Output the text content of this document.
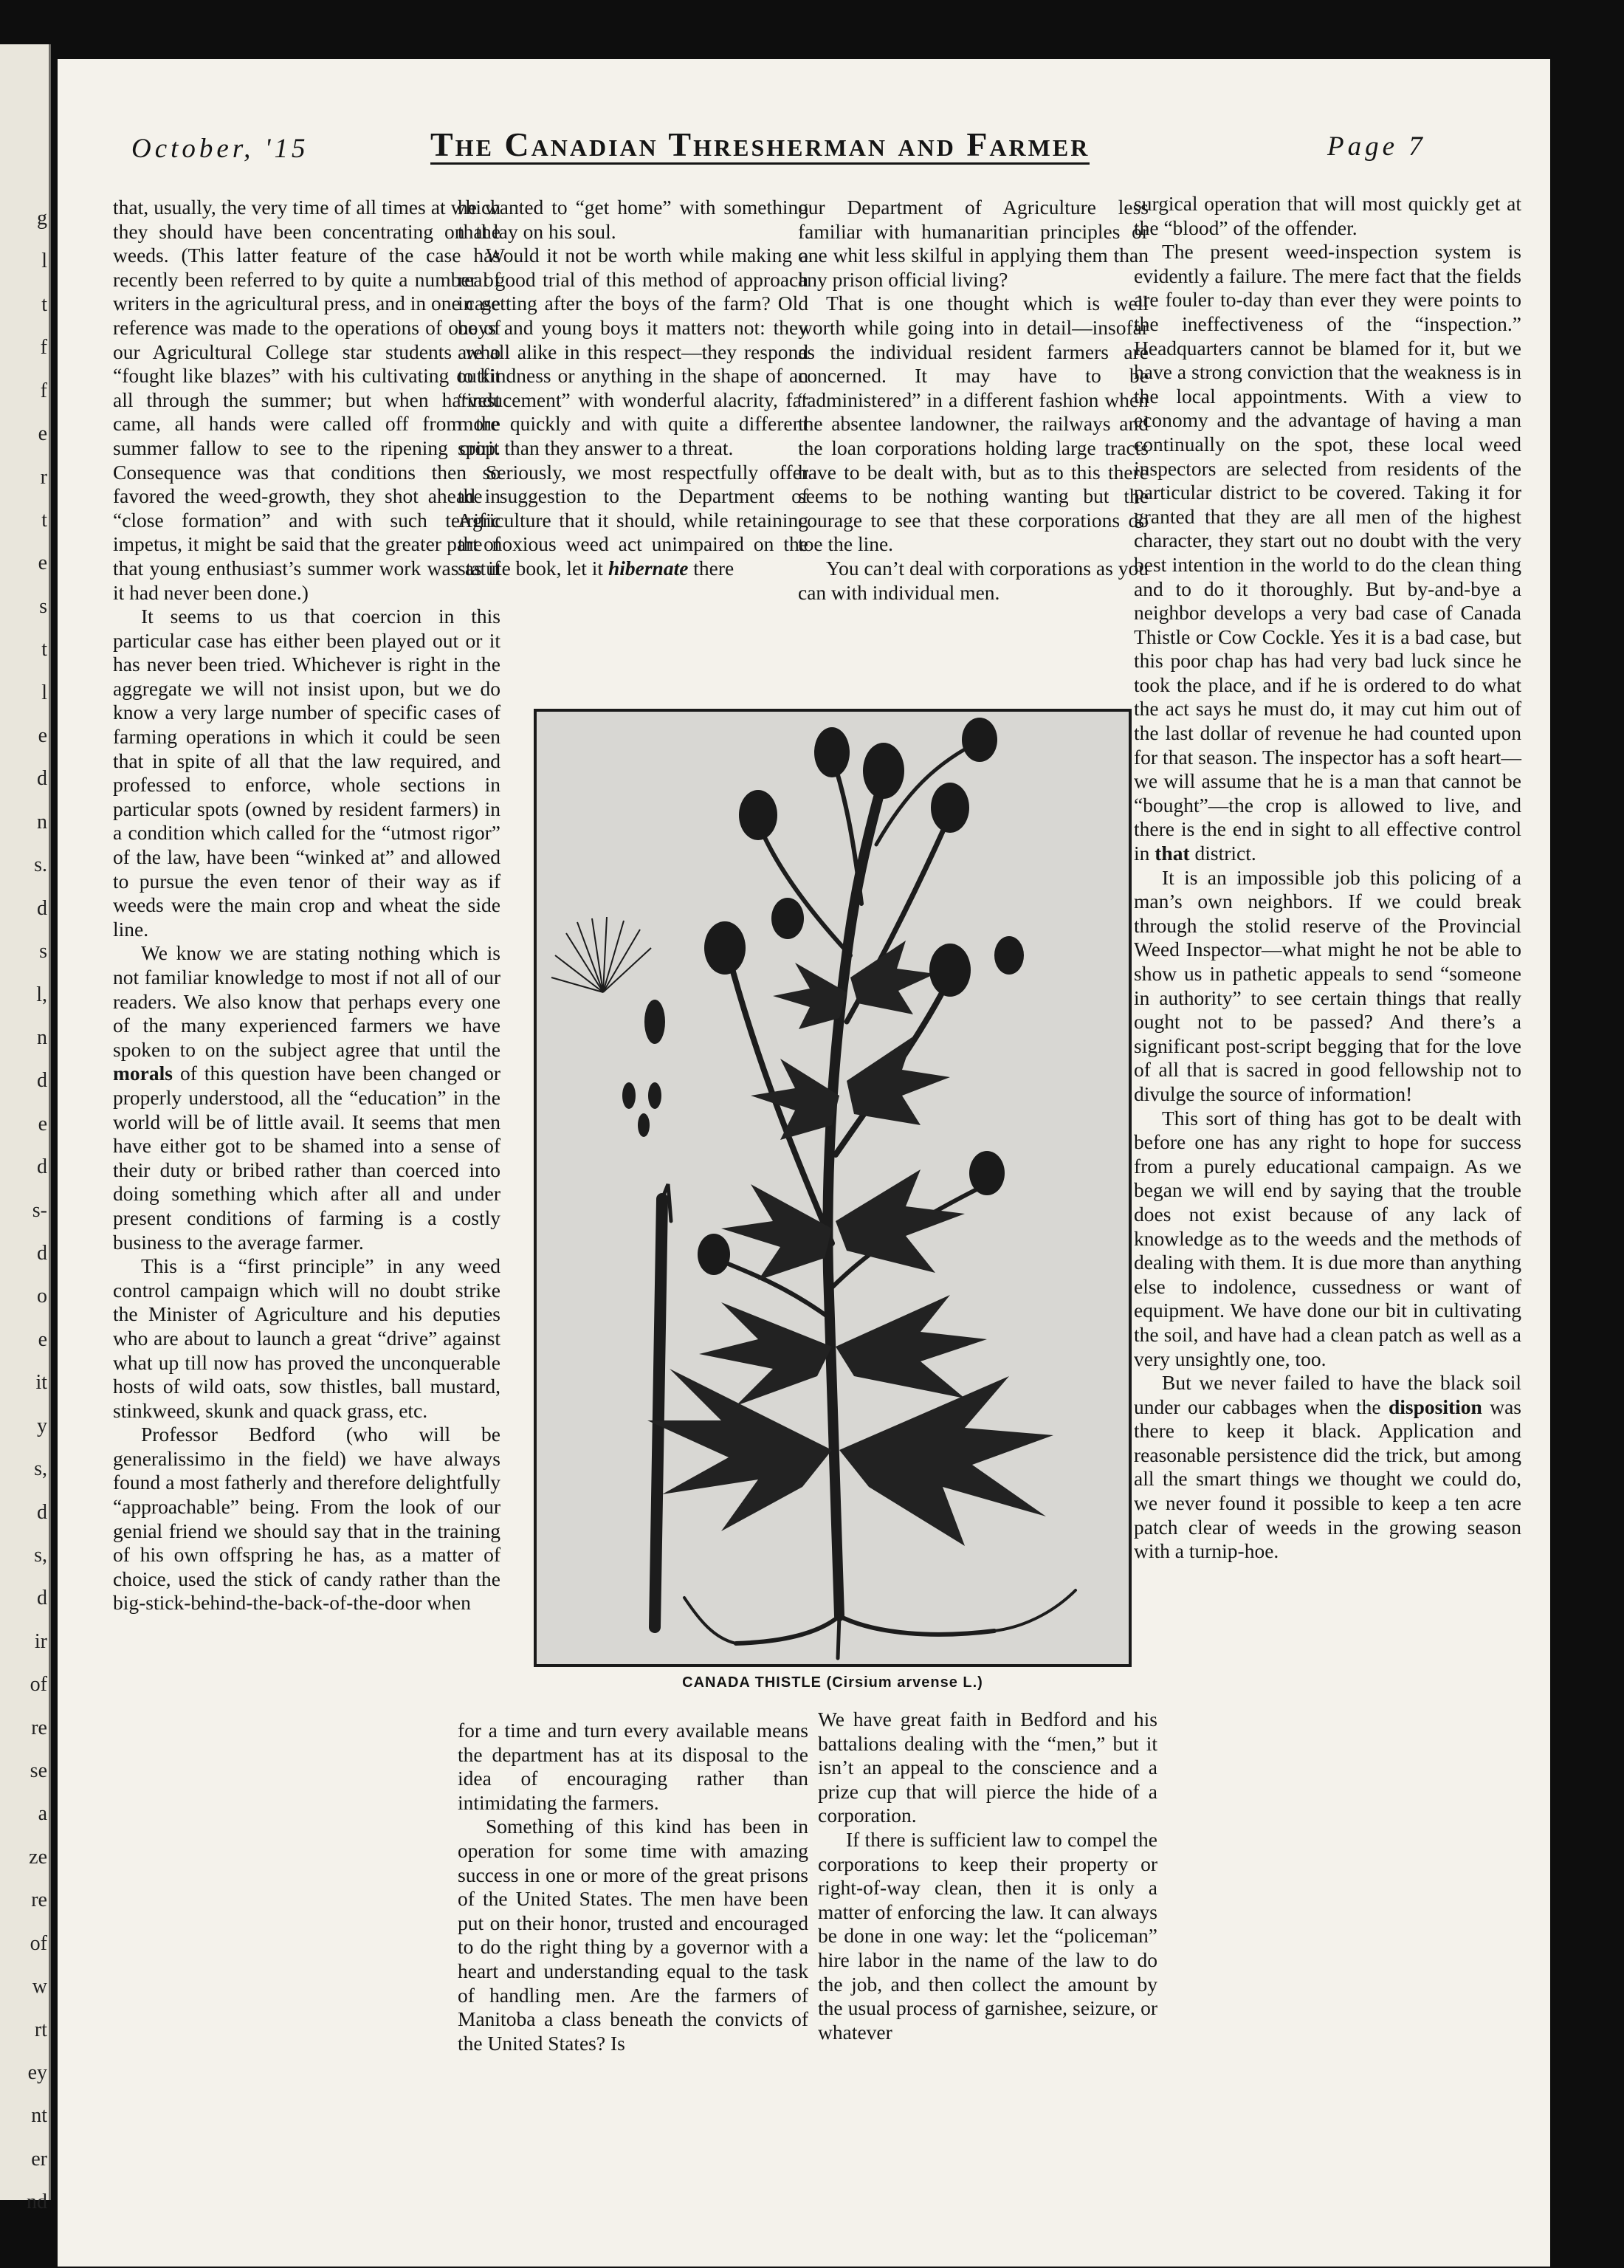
g
l
t
f
f
e
r
t
e
s
t
l
e
d
n
s.
d
s
l,
n
d
e
d
s-
d
o
e
it
y
s,
d
s,
d
ir
of
re
se
a
ze
re
of
w
rt
ey
nt
er
nd
October, '15	The Canadian Thresherman and Farmer	Page 7

that, usually, the very time of all times at which they should have been concentrating on the weeds. (This latter feature of the case has recently been referred to by quite a number of writers in the agricultural press, and in one case reference was made to the operations of one of our Agricultural College star students who “fought like blazes” with his cultivating outfit all through the summer; but when harvest came, all hands were called off from the summer fallow to see to the ripening crop. Consequence was that conditions then so favored the weed-growth, they shot ahead in “close formation” and with such terrific impetus, it might be said that the greater part of that young enthusiast’s summer work was as if it had never been done.)

It seems to us that coercion in this particular case has either been played out or it has never been tried. Whichever is right in the aggregate we will not insist upon, but we do know a very large number of specific cases of farming operations in which it could be seen that in spite of all that the law required, and professed to enforce, whole sections in particular spots (owned by resident farmers) in a condition which called for the “utmost rigor” of the law, have been “winked at” and allowed to pursue the even tenor of their way as if weeds were the main crop and wheat the side line.

We know we are stating nothing which is not familiar knowledge to most if not all of our readers. We also know that perhaps every one of the many experienced farmers we have spoken to on the subject agree that until the morals of this question have been changed or properly understood, all the “education” in the world will be of little avail. It seems that men have either got to be shamed into a sense of their duty or bribed rather than coerced into doing something which after all and under present conditions of farming is a costly business to the average farmer.

This is a “first principle” in any weed control campaign which will no doubt strike the Minister of Agriculture and his deputies who are about to launch a great “drive” against what up till now has proved the unconquerable hosts of wild oats, sow thistles, ball mustard, stinkweed, skunk and quack grass, etc.

Professor Bedford (who will be generalissimo in the field) we have always found a most fatherly and therefore delightfully “approachable” being. From the look of our genial friend we should say that in the training of his own offspring he has, as a matter of choice, used the stick of candy rather than the big-stick-behind-the-back-of-the-door when

he wanted to “get home” with something that lay on his soul.

Would it not be worth while making a real good trial of this method of approach in getting after the boys of the farm? Old boys and young boys it matters not: they are all alike in this respect—they respond to kindness or anything in the shape of an “inducement” with wonderful alacrity, far more quickly and with quite a different spirit than they answer to a threat.

Seriously, we most respectfully offer the suggestion to the Department of Agriculture that it should, while retaining the noxious weed act unimpaired on the statute book, let it hibernate there

our Department of Agriculture less familiar with humanaritian principles or one whit less skilful in applying them than any prison official living?

That is one thought which is well worth while going into in detail—insofar as the individual resident farmers are concerned. It may have to be “administered” in a different fashion when the absentee landowner, the railways and the loan corporations holding large tracts have to be dealt with, but as to this there seems to be nothing wanting but the courage to see that these corporations do toe the line.

You can’t deal with corporations as you can with individual men.

surgical operation that will most quickly get at the “blood” of the offender.

The present weed-inspection system is evidently a failure. The mere fact that the fields are fouler to-day than ever they were points to the ineffectiveness of the “inspection.” Headquarters cannot be blamed for it, but we have a strong conviction that the weakness is in the local appointments. With a view to economy and the advantage of having a man continually on the spot, these local weed inspectors are selected from residents of the particular district to be covered. Taking it for granted that they are all men of the highest character, they start out no doubt with the very best intention in the world to do the clean thing and to do it thoroughly. But by-and-bye a neighbor develops a very bad case of Canada Thistle or Cow Cockle. Yes it is a bad case, but this poor chap has had very bad luck since he took the place, and if he is ordered to do what the act says he must do, it may cut him out of the last dollar of revenue he had counted upon for that season. The inspector has a soft heart—we will assume that he is a man that cannot be “bought”—the crop is allowed to live, and there is the end in sight to all effective control in that district.

It is an impossible job this policing of a man’s own neighbors. If we could break through the stolid reserve of the Provincial Weed Inspector—what might he not be able to show us in pathetic appeals to send “someone in authority” to see certain things that really ought not to be passed? And there’s a significant post-script begging that for the love of all that is sacred in good fellowship not to divulge the source of information!

This sort of thing has got to be dealt with before one has any right to hope for success from a purely educational campaign. As we began we will end by saying that the trouble does not exist because of any lack of knowledge as to the weeds and the methods of dealing with them. It is due more than anything else to indolence, cussedness or want of equipment. We have done our bit in cultivating the soil, and have had a clean patch as well as a very unsightly one, too.

But we never failed to have the black soil under our cabbages when the disposition was there to keep it black. Application and reasonable persistence did the trick, but among all the smart things we thought we could do, we never found it possible to keep a ten acre patch clear of weeds in the growing season with a turnip-hoe.

CANADA THISTLE (Cirsium arvense L.)

for a time and turn every available means the department has at its disposal to the idea of encouraging rather than intimidating the farmers.

Something of this kind has been in operation for some time with amazing success in one or more of the great prisons of the United States. The men have been put on their honor, trusted and encouraged to do the right thing by a governor with a heart and understanding equal to the task of handling men. Are the farmers of Manitoba a class beneath the convicts of the United States? Is

We have great faith in Bedford and his battalions dealing with the “men,” but it isn’t an appeal to the conscience and a prize cup that will pierce the hide of a corporation.

If there is sufficient law to compel the corporations to keep their property or right-of-way clean, then it is only a matter of enforcing the law. It can always be done in one way: let the “policeman” hire labor in the name of the law to do the job, and then collect the amount by the usual process of garnishee, seizure, or whatever
